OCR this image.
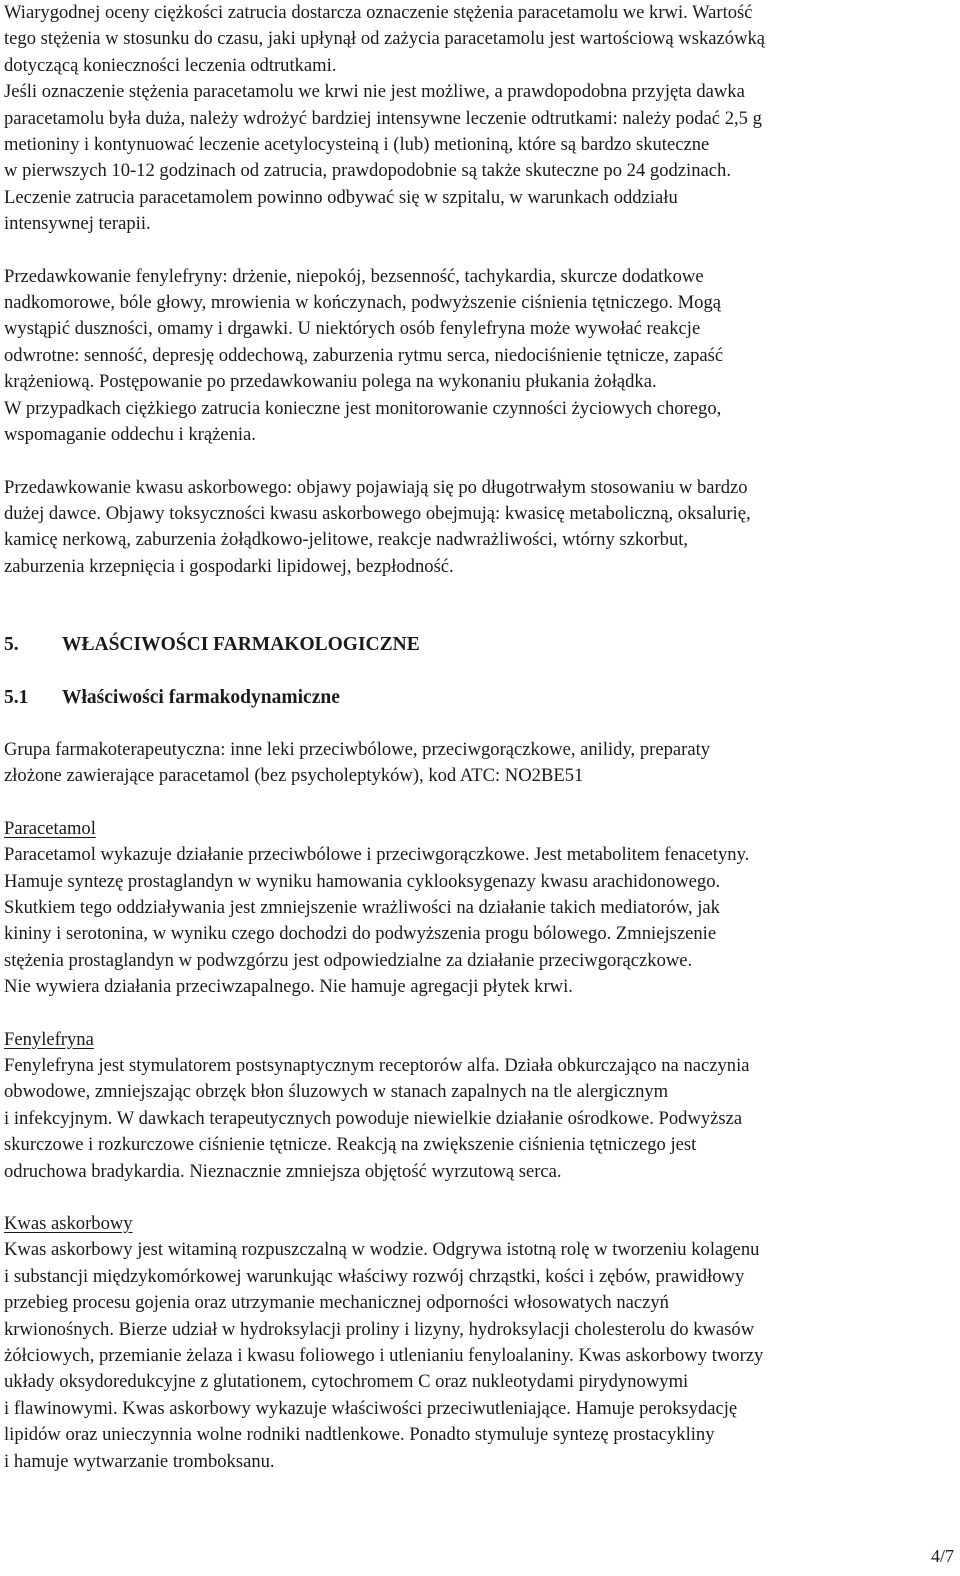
Wiarygodnej oceny ciężkości zatrucia dostarcza oznaczenie stężenia paracetamolu we krwi. Wartość
tego stężenia w stosunku do czasu, jaki upłynął od zażycia paracetamolu jest wartościową wskazówką
dotyczącą konieczności leczenia odtrutkami.
Jeśli oznaczenie stężenia paracetamolu we krwi nie jest możliwe, a prawdopodobna przyjęta dawka
paracetamolu była duża, należy wdrożyć bardziej intensywne leczenie odtrutkami: należy podać 2,5 g
metioniny i kontynuować leczenie acetylocysteiną i (lub) metioniną, które są bardzo skuteczne
w pierwszych 10-12 godzinach od zatrucia, prawdopodobnie są także skuteczne po 24 godzinach.
Leczenie zatrucia paracetamolem powinno odbywać się w szpitalu, w warunkach oddziału
intensywnej terapii.
Przedawkowanie fenylefryny: drżenie, niepokój, bezsenność, tachykardia, skurcze dodatkowe
nadkomorowe, bóle głowy, mrowienia w kończynach, podwyższenie ciśnienia tętniczego. Mogą
wystąpić duszności, omamy i drgawki. U niektórych osób fenylefryna może wywołać reakcje
odwrotne: senność, depresję oddechową, zaburzenia rytmu serca, niedociśnienie tętnicze, zapaść
krążeniową. Postępowanie po przedawkowaniu polega na wykonaniu płukania żołądka.
W przypadkach ciężkiego zatrucia konieczne jest monitorowanie czynności życiowych chorego,
wspomaganie oddechu i krążenia.
Przedawkowanie kwasu askorbowego: objawy pojawiają się po długotrwałym stosowaniu w bardzo
dużej dawce. Objawy toksyczności kwasu askorbowego obejmują: kwasicę metaboliczną, oksalurię,
kamicę nerkową, zaburzenia żołądkowo-jelitowe, reakcje nadwrażliwości, wtórny szkorbut,
zaburzenia krzepnięcia i gospodarki lipidowej, bezpłodność.
5. WŁAŚCIWOŚCI FARMAKOLOGICZNE
5.1 Właściwości farmakodynamiczne
Grupa farmakoterapeutyczna: inne leki przeciwbólowe, przeciwgorączkowe, anilidy, preparaty
złożone zawierające paracetamol (bez psycholeptyków), kod ATC: NO2BE51
Paracetamol
Paracetamol wykazuje działanie przeciwbólowe i przeciwgorączkowe. Jest metabolitem fenacetyny.
Hamuje syntezę prostaglandyn w wyniku hamowania cyklooksygenazy kwasu arachidonowego.
Skutkiem tego oddziaływania jest zmniejszenie wrażliwości na działanie takich mediatorów, jak
kininy i serotonina, w wyniku czego dochodzi do podwyższenia progu bólowego. Zmniejszenie
stężenia prostaglandyn w podwzgórzu jest odpowiedzialne za działanie przeciwgorączkowe.
Nie wywiera działania przeciwzapalnego. Nie hamuje agregacji płytek krwi.
Fenylefryna
Fenylefryna jest stymulatorem postsynaptycznym receptorów alfa. Działa obkurczająco na naczynia
obwodowe, zmniejszając obrzęk błon śluzowych w stanach zapalnych na tle alergicznym
i infekcyjnym. W dawkach terapeutycznych powoduje niewielkie działanie ośrodkowe. Podwyższa
skurczowe i rozkurczowe ciśnienie tętnicze. Reakcją na zwiększenie ciśnienia tętniczego jest
odruchowa bradykardia. Nieznacznie zmniejsza objętość wyrzutową serca.
Kwas askorbowy
Kwas askorbowy jest witaminą rozpuszczalną w wodzie. Odgrywa istotną rolę w tworzeniu kolagenu
i substancji międzykomórkowej warunkując właściwy rozwój chrząstki, kości i zębów, prawidłowy
przebieg procesu gojenia oraz utrzymanie mechanicznej odporności włosowatych naczyń
krwionośnych. Bierze udział w hydroksylacji proliny i lizyny, hydroksylacji cholesterolu do kwasów
żółciowych, przemianie żelaza i kwasu foliowego i utlenianiu fenyloalaniny. Kwas askorbowy tworzy
układy oksydoredukcyjne z glutationem, cytochromem C oraz nukleotydami pirydynowymi
i flawinowymi. Kwas askorbowy wykazuje właściwości przeciwutleniające. Hamuje peroksydację
lipidów oraz unieczynnia wolne rodniki nadtlenkowe. Ponadto stymuluje syntezę prostacykliny
i hamuje wytwarzanie tromboksanu.
4/7
